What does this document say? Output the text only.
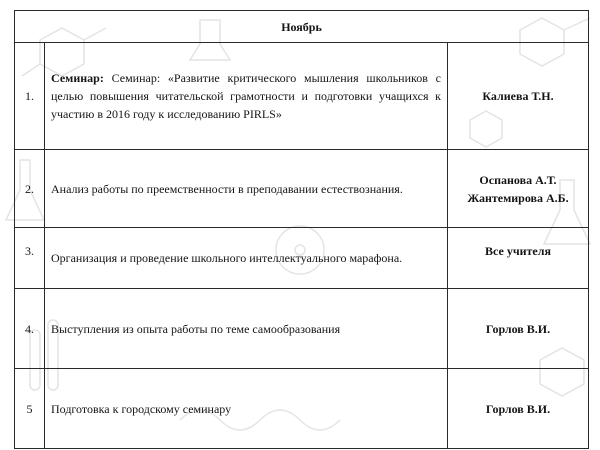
Ноябрь		
1.	Семинар: Семинар: «Развитие критического мышления школьников с целью повышения читательской грамотности и подготовки учащихся к участию в 2016 году к исследованию PIRLS»	Калиева Т.Н.
2.	Анализ работы по преемственности в преподавании естествознания.	Оспанова А.Т. Жантемирова А.Б.
3.	Организация и проведение школьного интеллектуального марафона.	Все учителя
4.	Выступления из опыта работы по теме самообразования	Горлов В.И.
5	Подготовка к городскому семинару	Горлов В.И.
